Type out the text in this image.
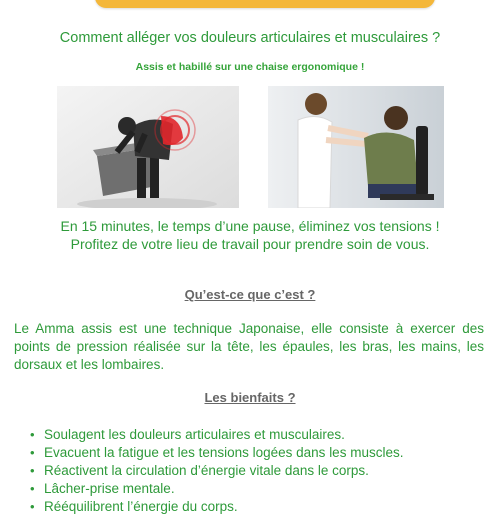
Comment alléger vos douleurs articulaires et musculaires ?
Assis et habillé sur une chaise ergonomique !
En 15 minutes, le temps d’une pause, éliminez vos tensions !
Profitez de votre lieu de travail pour prendre soin de vous.
Qu’est-ce que c’est ?
Le Amma assis est une technique Japonaise, elle consiste à exercer des points de pression réalisée sur la tête, les épaules, les bras, les mains, les dorsaux et les lombaires.
Les bienfaits ?
• Soulagent les douleurs articulaires et musculaires.
• Evacuent la fatigue et les tensions logées dans les muscles.
• Réactivent la circulation d’énergie vitale dans le corps.
• Lâcher-prise mentale.
• Rééquilibrent l’énergie du corps.
